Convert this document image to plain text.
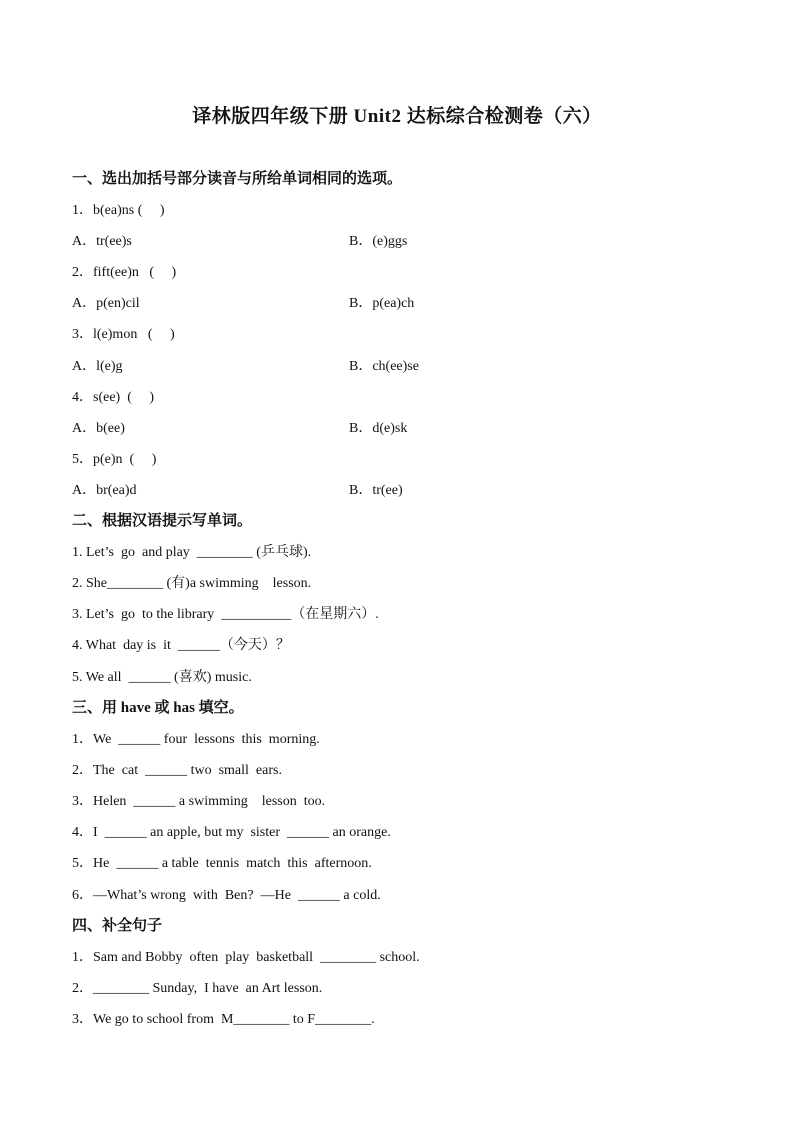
译林版四年级下册 Unit2 达标综合检测卷（六）
一、选出加括号部分读音与所给单词相同的选项。
1．b(ea)ns (     )
A．tr(ee)s	B．(e)ggs
2．fift(ee)n   (     )
A．p(en)cil	B．p(ea)ch
3．l(e)mon   (     )
A．l(e)g	B．ch(ee)se
4．s(ee)  (     )
A．b(ee)	B．d(e)sk
5．p(e)n  (     )
A．br(ea)d	B．tr(ee)
二、根据汉语提示写单词。
1. Let’s  go  and play  ________ (乒乓球).
2. She________ (有)a swimming    lesson.
3. Let’s  go  to the library  __________（在星期六）.
4. What  day is  it  ______（今天）？
5. We all  ______ (喜欢) music.
三、用 have 或 has 填空。
1．We  ______ four  lessons  this  morning.
2．The  cat  ______ two  small  ears.
3．Helen  ______ a swimming    lesson  too.
4．I  ______ an apple, but my  sister  ______ an orange.
5．He  ______ a table  tennis  match  this  afternoon.
6．—What’s wrong  with  Ben?  —He  ______ a cold.
四、补全句子
1．Sam and Bobby  often  play  basketball  ________ school.
2．________ Sunday,  I have  an Art lesson.
3．We go to school from  M________ to F________.
